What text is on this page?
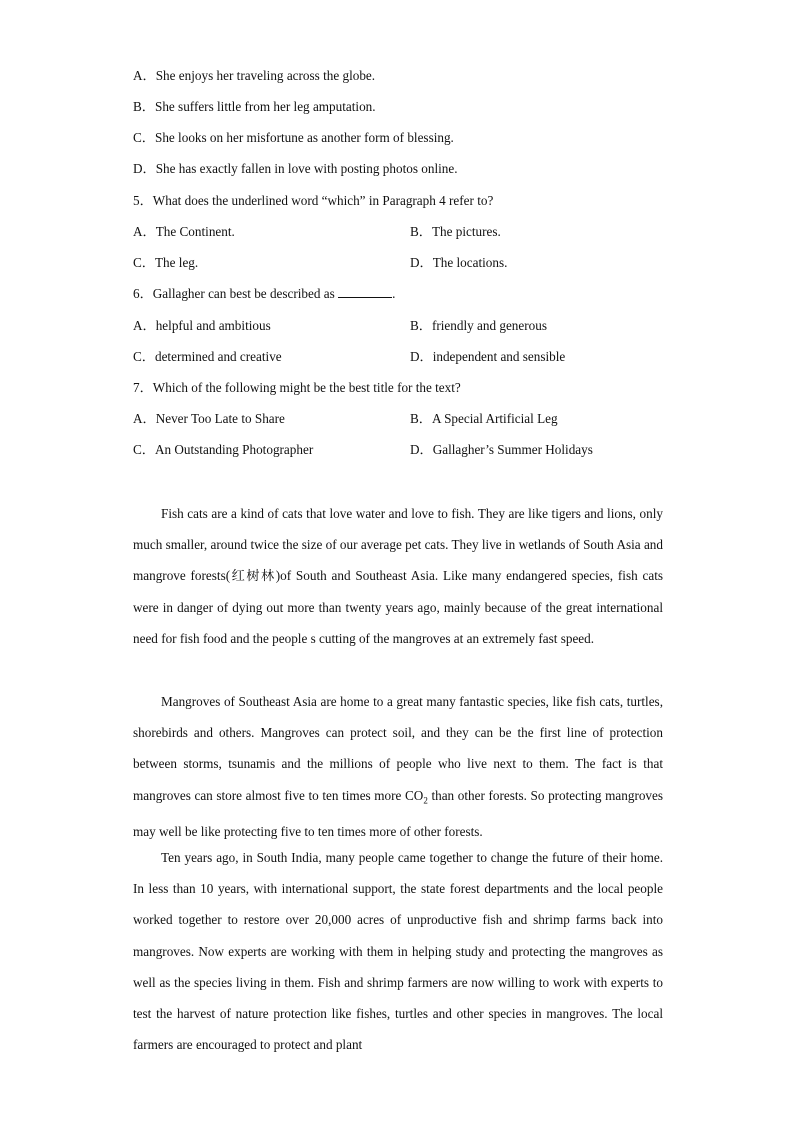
A．She enjoys her traveling across the globe.
B．She suffers little from her leg amputation.
C．She looks on her misfortune as another form of blessing.
D．She has exactly fallen in love with posting photos online.
5．What does the underlined word “which” in Paragraph 4 refer to?
A．The Continent.	B．The pictures.
C．The leg.	D．The locations.
6．Gallagher can best be described as	.
A．helpful and ambitious	B．friendly and generous
C．determined and creative	D．independent and sensible
7．Which of the following might be the best title for the text?
A．Never Too Late to Share	B．A Special Artificial Leg
C．An Outstanding Photographer	D．Gallagher’s Summer Holidays
Fish cats are a kind of cats that love water and love to fish. They are like tigers and lions, only much smaller, around twice the size of our average pet cats. They live in wetlands of South Asia and mangrove forests(红树林)of South and Southeast Asia. Like many endangered species, fish cats were in danger of dying out more than twenty years ago, mainly because of the great international need for fish food and the people s cutting of the mangroves at an extremely fast speed.
Mangroves of Southeast Asia are home to a great many fantastic species, like fish cats, turtles, shorebirds and others. Mangroves can protect soil, and they can be the first line of protection between storms, tsunamis and the millions of people who live next to them. The fact is that mangroves can store almost five to ten times more $CO_2$ than other forests. So protecting mangroves may well be like protecting five to ten times more of other forests.
Ten years ago, in South India, many people came together to change the future of their home. In less than 10 years, with international support, the state forest departments and the local people worked together to restore over 20,000 acres of unproductive fish and shrimp farms back into mangroves. Now experts are working with them in helping study and protecting the mangroves as well as the species living in them. Fish and shrimp farmers are now willing to work with experts to test the harvest of nature protection like fishes, turtles and other species in mangroves. The local farmers are encouraged to protect and plant
